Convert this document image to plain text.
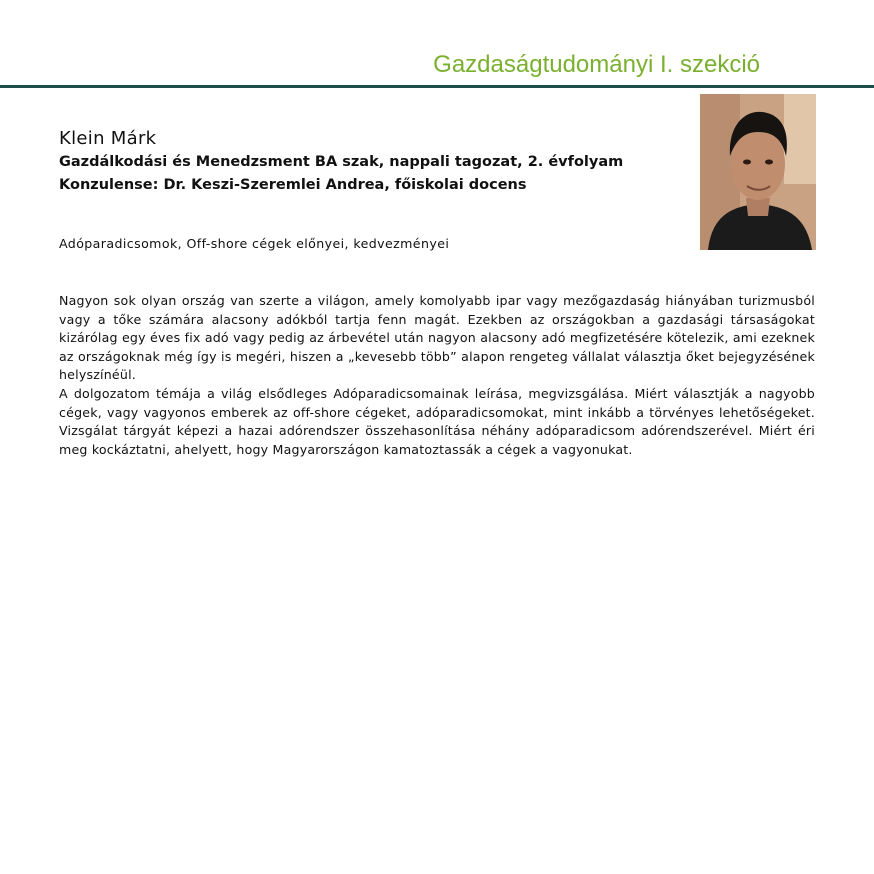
Gazdaságtudományi I. szekció

Klein Márk

Gazdálkodási és Menedzsment BA szak, nappali tagozat, 2. évfolyam

Konzulense: Dr. Keszi-Szeremlei Andrea, főiskolai docens

Adóparadicsomok, Off-shore cégek előnyei, kedvezményei

Nagyon sok olyan ország van szerte a világon, amely komolyabb ipar vagy mezőgazdaság hiányában turizmusból vagy a tőke számára alacsony adókból tartja fenn magát. Ezekben az országokban a gazdasági társaságokat kizárólag egy éves fix adó vagy pedig az árbevétel után nagyon alacsony adó megfizetésére kötelezik, ami ezeknek az országoknak még így is megéri, hiszen a „kevesebb több” alapon rengeteg vállalat választja őket bejegyzésének helyszínéül.

A dolgozatom témája a világ elsődleges Adóparadicsomainak leírása, megvizsgálása. Miért választják a nagyobb cégek, vagy vagyonos emberek az off-shore cégeket, adóparadicsomokat, mint inkább a törvényes lehetőségeket. Vizsgálat tárgyát képezi a hazai adórendszer összehasonlítása néhány adóparadicsom adórendszerével. Miért éri meg kockáztatni, ahelyett, hogy Magyarországon kamatoztassák a cégek a vagyonukat.
